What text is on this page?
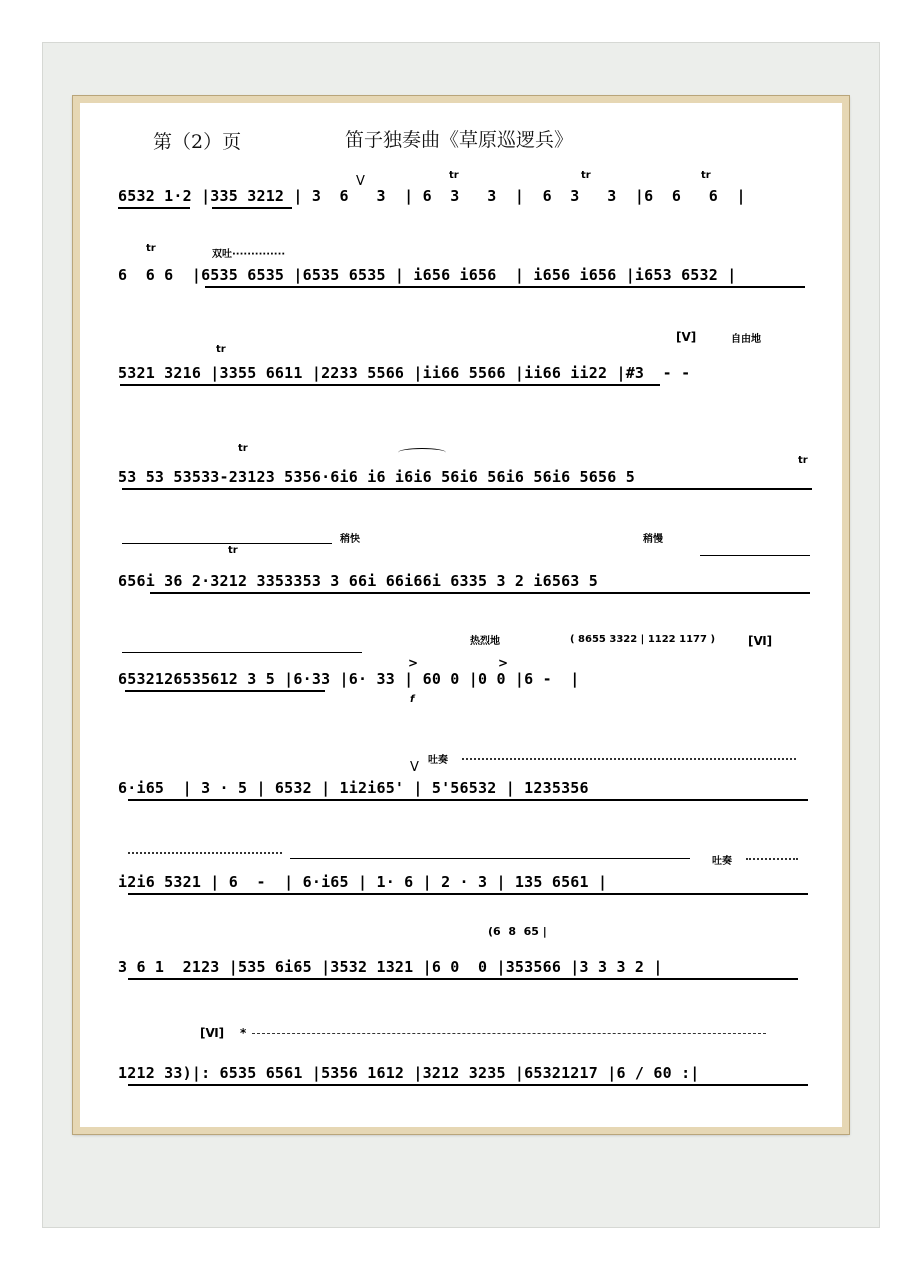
第（2）页	笛子独奏曲《草原巡逻兵》
V	tr	tr	tr
6532 1·2 |335 3212 | 3  6   3  | 6  3   3  |  6  3   3  |6  6   6  |
tr
双吐··············
6  6 6  |6535 6535 |6535 6535 | i656 i656  | i656 i656 |i653 6532 |
tr
[Ⅴ]	自由地
5321 3216 |3355 6611 |2233 5566 |ii66 5566 |ii66 ii22 |#3  - -
tr
tr
53 53 53533-23123 5356·6i6 i6 i6i6 56i6 56i6 56i6 5656 5
稍快
tr
稍慢
656i 36 2·3212 3353353 3 66i 66i66i 6335 3 2 i6563 5
热烈地	( 8655 3322 | 1122 1177 )	[Ⅵ]
>	>
6532126535612 3 5 |6·33 |6· 33 | 60 0 |0 0 |6 -  |
f
V 吐奏
6·i65  | 3 · 5 | 6532 | 1i2i65' | 5'56532 | 1235356
吐奏
i2i6 5321 | 6  -  | 6·i65 | 1· 6 | 2 · 3 | 135 6561 |
(6  8  65 |
3 6 1  2123 |535 6i65 |3532 1321 |6 0  0 |353566 |3 3 3 2 |
[Ⅵ] *
1212 33)|: 6535 6561 |5356 1612 |3212 3235 |65321217 |6 / 60 :|
